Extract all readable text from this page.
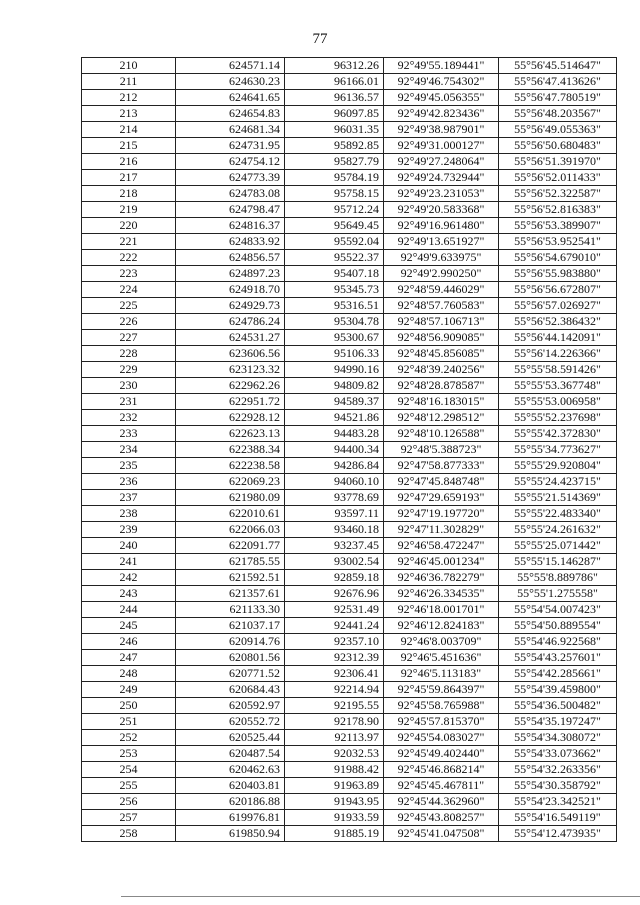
77
210	624571.14	96312.26	92°49'55.189441"	55°56'45.514647"
211	624630.23	96166.01	92°49'46.754302"	55°56'47.413626"
212	624641.65	96136.57	92°49'45.056355"	55°56'47.780519"
213	624654.83	96097.85	92°49'42.823436"	55°56'48.203567"
214	624681.34	96031.35	92°49'38.987901"	55°56'49.055363"
215	624731.95	95892.85	92°49'31.000127"	55°56'50.680483"
216	624754.12	95827.79	92°49'27.248064"	55°56'51.391970"
217	624773.39	95784.19	92°49'24.732944"	55°56'52.011433"
218	624783.08	95758.15	92°49'23.231053"	55°56'52.322587"
219	624798.47	95712.24	92°49'20.583368"	55°56'52.816383"
220	624816.37	95649.45	92°49'16.961480"	55°56'53.389907"
221	624833.92	95592.04	92°49'13.651927"	55°56'53.952541"
222	624856.57	95522.37	92°49'9.633975"	55°56'54.679010"
223	624897.23	95407.18	92°49'2.990250"	55°56'55.983880"
224	624918.70	95345.73	92°48'59.446029"	55°56'56.672807"
225	624929.73	95316.51	92°48'57.760583"	55°56'57.026927"
226	624786.24	95304.78	92°48'57.106713"	55°56'52.386432"
227	624531.27	95300.67	92°48'56.909085"	55°56'44.142091"
228	623606.56	95106.33	92°48'45.856085"	55°56'14.226366"
229	623123.32	94990.16	92°48'39.240256"	55°55'58.591426"
230	622962.26	94809.82	92°48'28.878587"	55°55'53.367748"
231	622951.72	94589.37	92°48'16.183015"	55°55'53.006958"
232	622928.12	94521.86	92°48'12.298512"	55°55'52.237698"
233	622623.13	94483.28	92°48'10.126588"	55°55'42.372830"
234	622388.34	94400.34	92°48'5.388723"	55°55'34.773627"
235	622238.58	94286.84	92°47'58.877333"	55°55'29.920804"
236	622069.23	94060.10	92°47'45.848748"	55°55'24.423715"
237	621980.09	93778.69	92°47'29.659193"	55°55'21.514369"
238	622010.61	93597.11	92°47'19.197720"	55°55'22.483340"
239	622066.03	93460.18	92°47'11.302829"	55°55'24.261632"
240	622091.77	93237.45	92°46'58.472247"	55°55'25.071442"
241	621785.55	93002.54	92°46'45.001234"	55°55'15.146287"
242	621592.51	92859.18	92°46'36.782279"	55°55'8.889786"
243	621357.61	92676.96	92°46'26.334535"	55°55'1.275558"
244	621133.30	92531.49	92°46'18.001701"	55°54'54.007423"
245	621037.17	92441.24	92°46'12.824183"	55°54'50.889554"
246	620914.76	92357.10	92°46'8.003709"	55°54'46.922568"
247	620801.56	92312.39	92°46'5.451636"	55°54'43.257601"
248	620771.52	92306.41	92°46'5.113183"	55°54'42.285661"
249	620684.43	92214.94	92°45'59.864397"	55°54'39.459800"
250	620592.97	92195.55	92°45'58.765988"	55°54'36.500482"
251	620552.72	92178.90	92°45'57.815370"	55°54'35.197247"
252	620525.44	92113.97	92°45'54.083027"	55°54'34.308072"
253	620487.54	92032.53	92°45'49.402440"	55°54'33.073662"
254	620462.63	91988.42	92°45'46.868214"	55°54'32.263356"
255	620403.81	91963.89	92°45'45.467811"	55°54'30.358792"
256	620186.88	91943.95	92°45'44.362960"	55°54'23.342521"
257	619976.81	91933.59	92°45'43.808257"	55°54'16.549119"
258	619850.94	91885.19	92°45'41.047508"	55°54'12.473935"
